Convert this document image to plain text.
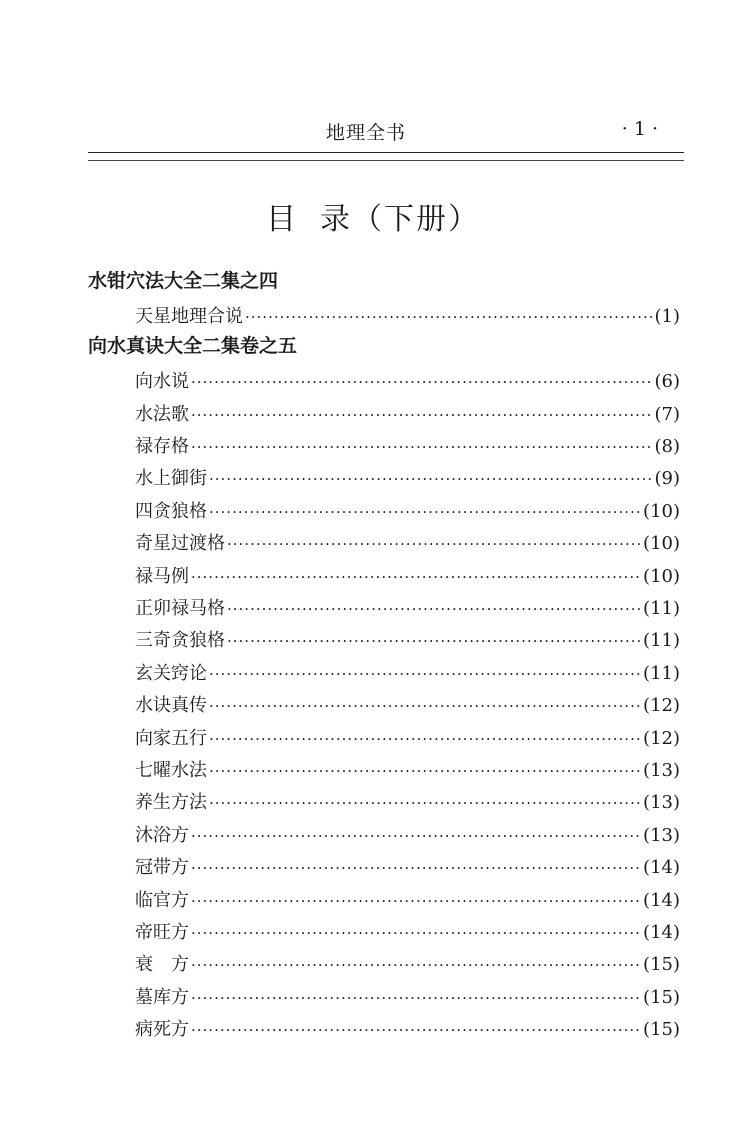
地理全书	· 1 ·
目 录（下册）
水钳穴法大全二集之四
天星地理合说 ·····	(1)
向水真诀大全二集卷之五
向水说 ·····	(6)
水法歌 ·····	(7)
禄存格 ·····	(8)
水上御街 ·····	(9)
四贪狼格 ·····	(10)
奇星过渡格 ·····	(10)
禄马例 ·····	(10)
正卯禄马格 ·····	(11)
三奇贪狼格 ·····	(11)
玄关窍论 ·····	(11)
水诀真传 ·····	(12)
向家五行 ·····	(12)
七曜水法 ·····	(13)
养生方法 ·····	(13)
沐浴方 ·····	(13)
冠带方 ·····	(14)
临官方 ·····	(14)
帝旺方 ·····	(14)
衰　方 ·····	(15)
墓库方 ·····	(15)
病死方 ·····	(15)
